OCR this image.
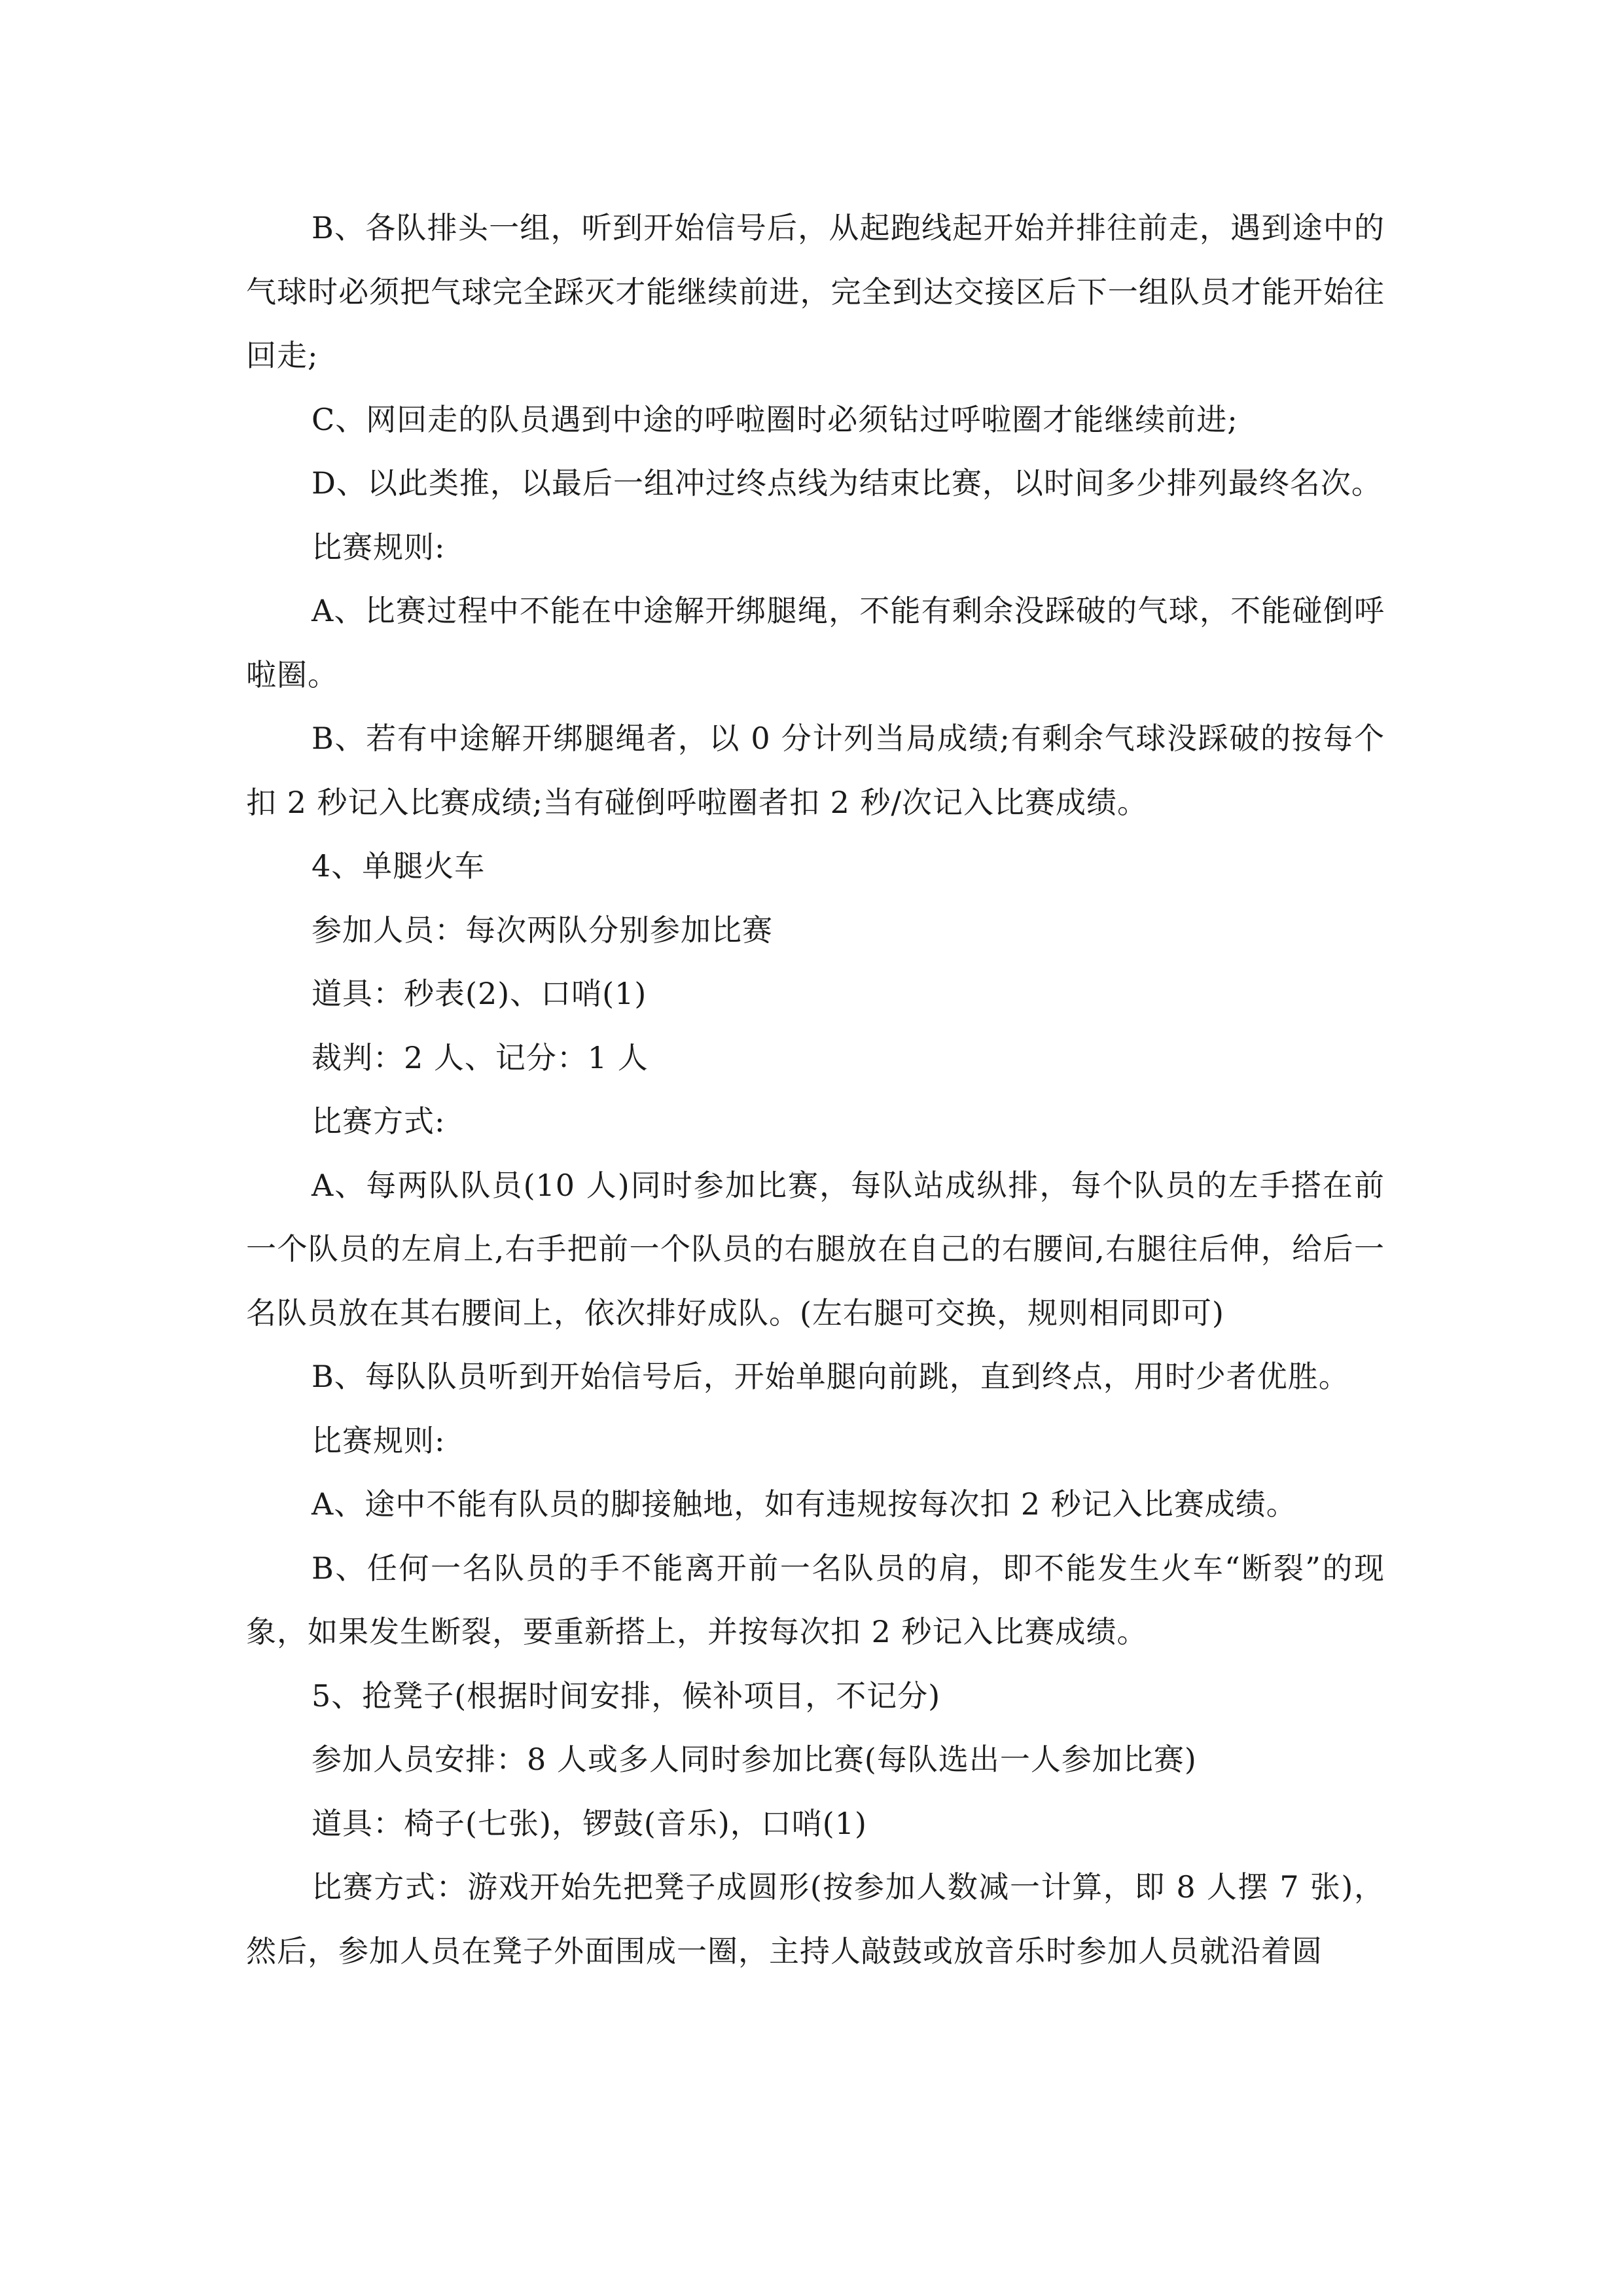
B、各队排头一组，听到开始信号后，从起跑线起开始并排往前走，遇到途中的气球时必须把气球完全踩灭才能继续前进，完全到达交接区后下一组队员才能开始往回走;

C、网回走的队员遇到中途的呼啦圈时必须钻过呼啦圈才能继续前进;

D、以此类推，以最后一组冲过终点线为结束比赛，以时间多少排列最终名次。

比赛规则:

A、比赛过程中不能在中途解开绑腿绳，不能有剩余没踩破的气球，不能碰倒呼啦圈。

B、若有中途解开绑腿绳者，以 0 分计列当局成绩;有剩余气球没踩破的按每个扣 2 秒记入比赛成绩;当有碰倒呼啦圈者扣 2 秒/次记入比赛成绩。

4、单腿火车

参加人员：每次两队分别参加比赛

道具：秒表(2)、口哨(1)

裁判：2 人、记分：1 人

比赛方式:

A、每两队队员(10 人)同时参加比赛，每队站成纵排，每个队员的左手搭在前一个队员的左肩上,右手把前一个队员的右腿放在自己的右腰间,右腿往后伸，给后一名队员放在其右腰间上，依次排好成队。(左右腿可交换，规则相同即可)

B、每队队员听到开始信号后，开始单腿向前跳，直到终点，用时少者优胜。

比赛规则:

A、途中不能有队员的脚接触地，如有违规按每次扣 2 秒记入比赛成绩。

B、任何一名队员的手不能离开前一名队员的肩，即不能发生火车“断裂”的现象，如果发生断裂，要重新搭上，并按每次扣 2 秒记入比赛成绩。

5、抢凳子(根据时间安排，候补项目，不记分)

参加人员安排：8 人或多人同时参加比赛(每队选出一人参加比赛)

道具：椅子(七张)，锣鼓(音乐)，口哨(1)

比赛方式：游戏开始先把凳子成圆形(按参加人数减一计算，即 8 人摆 7 张)，然后，参加人员在凳子外面围成一圈，主持人敲鼓或放音乐时参加人员就沿着圆
